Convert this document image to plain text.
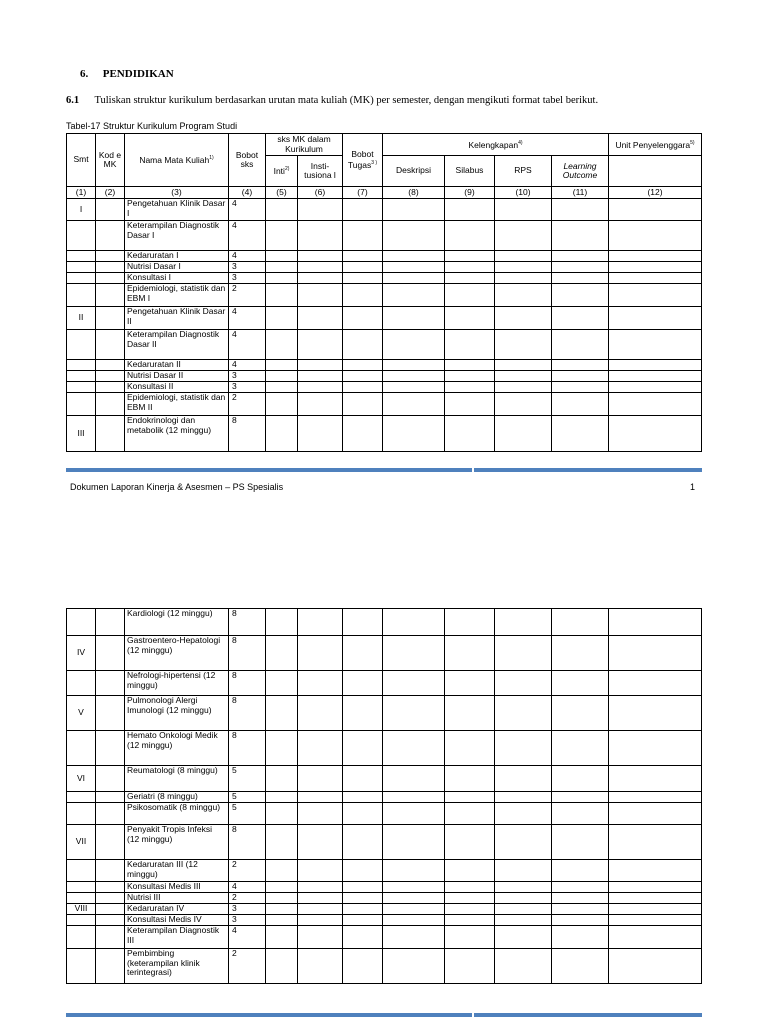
6. PENDIDIKAN
6.1 Tuliskan struktur kurikulum berdasarkan urutan mata kuliah (MK) per semester, dengan mengikuti format tabel berikut.
Tabel-17 Struktur Kurikulum Program Studi
Smt	Kod e MK	Nama Mata Kuliah$^{1)}$	Bobot sks	sks MK dalam Kurikulum		Bobot Tugas$^{3 )}$	Kelengkapan$^{4)}$				Unit Penyelenggara$^{5)}$
				Inti$^{2)}$	Insti-tusiona l		Deskripsi	Silabus	RPS	Learning Outcome	
(1)	(2)	(3)	(4)	(5)	(6)	(7)	(8)	(9)	(10)	(11)	(12)
I		Pengetahuan Klinik Dasar I	4								
		Keterampilan Diagnostik Dasar I	4								
		Kedaruratan I	4								
		Nutrisi Dasar I	3								
		Konsultasi I	3								
		Epidemiologi, statistik dan EBM I	2								
II		Pengetahuan Klinik Dasar II	4								
		Keterampilan Diagnostik Dasar II	4								
		Kedaruratan II	4								
		Nutrisi Dasar II	3								
		Konsultasi II	3								
		Epidemiologi, statistik dan EBM II	2								
III		Endokrinologi dan metabolik (12 minggu)	8								
Dokumen Laporan Kinerja & Asesmen – PS Spesialis	1
		Kardiologi (12 minggu)	8								
IV		Gastroentero-Hepatologi (12 minggu)	8								
		Nefrologi-hipertensi (12 minggu)	8								
V		Pulmonologi Alergi Imunologi (12 minggu)	8								
		Hemato Onkologi Medik (12 minggu)	8								
VI		Reumatologi (8 minggu)	5								
		Geriatri (8 minggu)	5								
		Psikosomatik (8 minggu)	5								
VII		Penyakit Tropis Infeksi (12 minggu)	8								
		Kedaruratan III (12 minggu)	2								
		Konsultasi Medis III	4								
		Nutrisi III	2								
VIII		Kedaruratan IV	3								
		Konsultasi Medis IV	3								
		Keterampilan Diagnostik III	4								
		Pembimbing (keterampilan klinik terintegrasi)	2								
